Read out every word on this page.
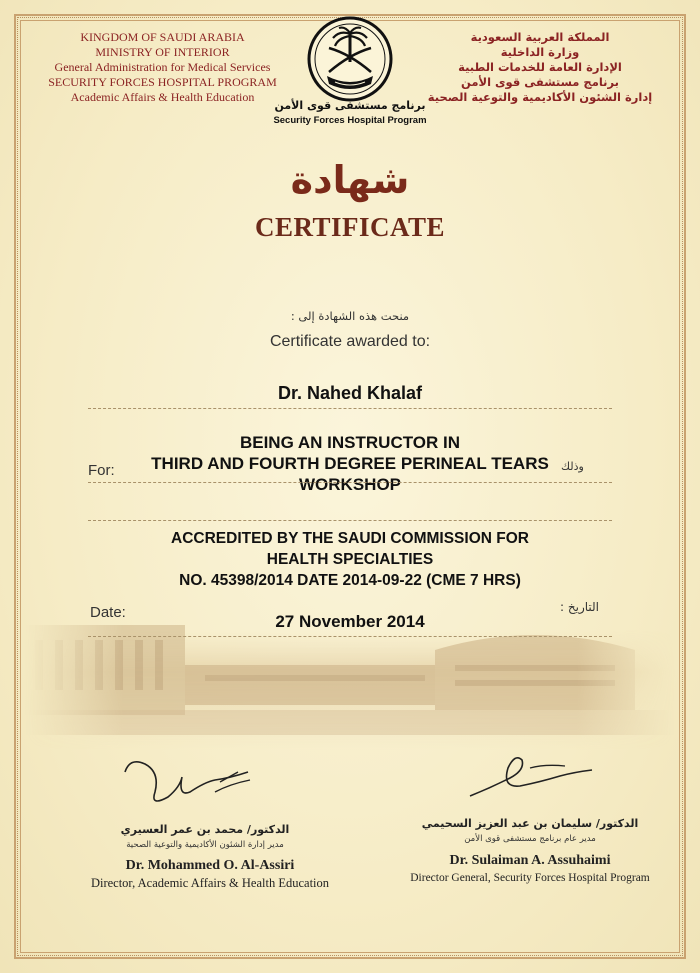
KINGDOM OF SAUDI ARABIA
MINISTRY OF INTERIOR
General Administration for Medical Services
SECURITY FORCES HOSPITAL PROGRAM
Academic Affairs & Health Education
المملكة العربية السعودية
وزارة الداخلية
الإدارة العامة للخدمات الطبية
برنامج مستشفى قوى الأمن
إدارة الشئون الأكاديمية والتوعية الصحية
برنامج مستشفى قوى الأمن
Security Forces Hospital Program
شهادة
CERTIFICATE
منحت هذه الشهادة إلى :
Certificate awarded to:
Dr. Nahed Khalaf
BEING AN INSTRUCTOR IN
THIRD AND FOURTH DEGREE PERINEAL TEARS
WORKSHOP
For:	وذلك
ACCREDITED BY THE SAUDI COMMISSION FOR
HEALTH SPECIALTIES
NO. 45398/2014 DATE 2014-09-22 (CME 7 HRS)
Date:	التاريخ :
27 November 2014
الدكتور/ محمد بن عمر العسيري
مدير إدارة الشئون الأكاديمية والتوعية الصحية
Dr. Mohammed O. Al-Assiri
Director, Academic Affairs & Health Education
الدكتور/ سليمان بن عبد العزيز السحيمي
مدير عام برنامج مستشفى قوى الأمن
Dr. Sulaiman A. Assuhaimi
Director General, Security Forces Hospital Program
